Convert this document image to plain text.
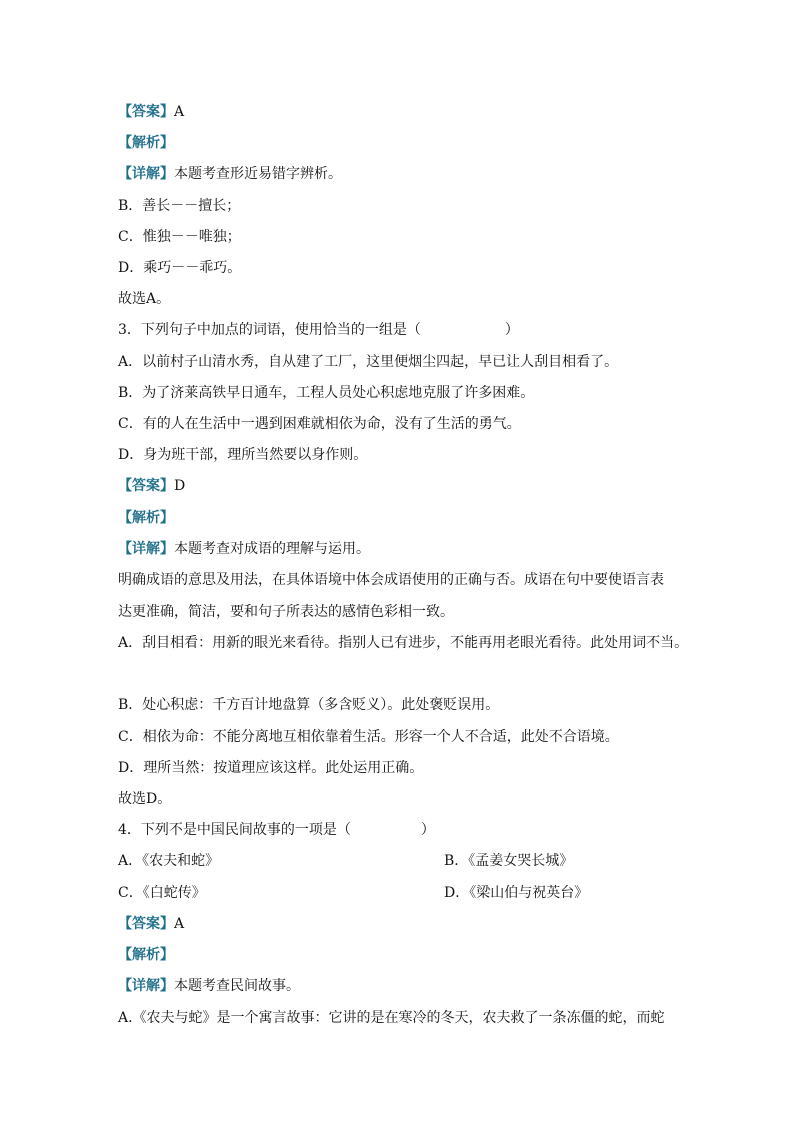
【答案】A
【解析】
【详解】本题考查形近易错字辨析。
B．善长－－擅长；
C．惟独－－唯独；
D．乘巧－－乖巧。
故选A。
3．下列句子中加点的词语，使用恰当的一组是（　　　　　　）
A．以前村子山清水秀，自从建了工厂，这里便烟尘四起，早已让人刮目相看了。
B．为了济莱高铁早日通车，工程人员处心积虑地克服了许多困难。
C．有的人在生活中一遇到困难就相依为命，没有了生活的勇气。
D．身为班干部，理所当然要以身作则。
【答案】D
【解析】
【详解】本题考查对成语的理解与运用。
明确成语的意思及用法，在具体语境中体会成语使用的正确与否。成语在句中要使语言表
达更准确，简洁，要和句子所表达的感情色彩相一致。
A．刮目相看：用新的眼光来看待。指别人已有进步，不能再用老眼光看待。此处用词不当。
B．处心积虑：千方百计地盘算（多含贬义）。此处褒贬误用。
C．相依为命：不能分离地互相依靠着生活。形容一个人不合适，此处不合语境。
D．理所当然：按道理应该这样。此处运用正确。
故选D。
4．下列不是中国民间故事的一项是（　　　　　）
A．《农夫和蛇》	B．《孟姜女哭长城》
C．《白蛇传》	D．《梁山伯与祝英台》
【答案】A
【解析】
【详解】本题考查民间故事。
A.《农夫与蛇》是一个寓言故事：它讲的是在寒冷的冬天，农夫救了一条冻僵的蛇，而蛇
